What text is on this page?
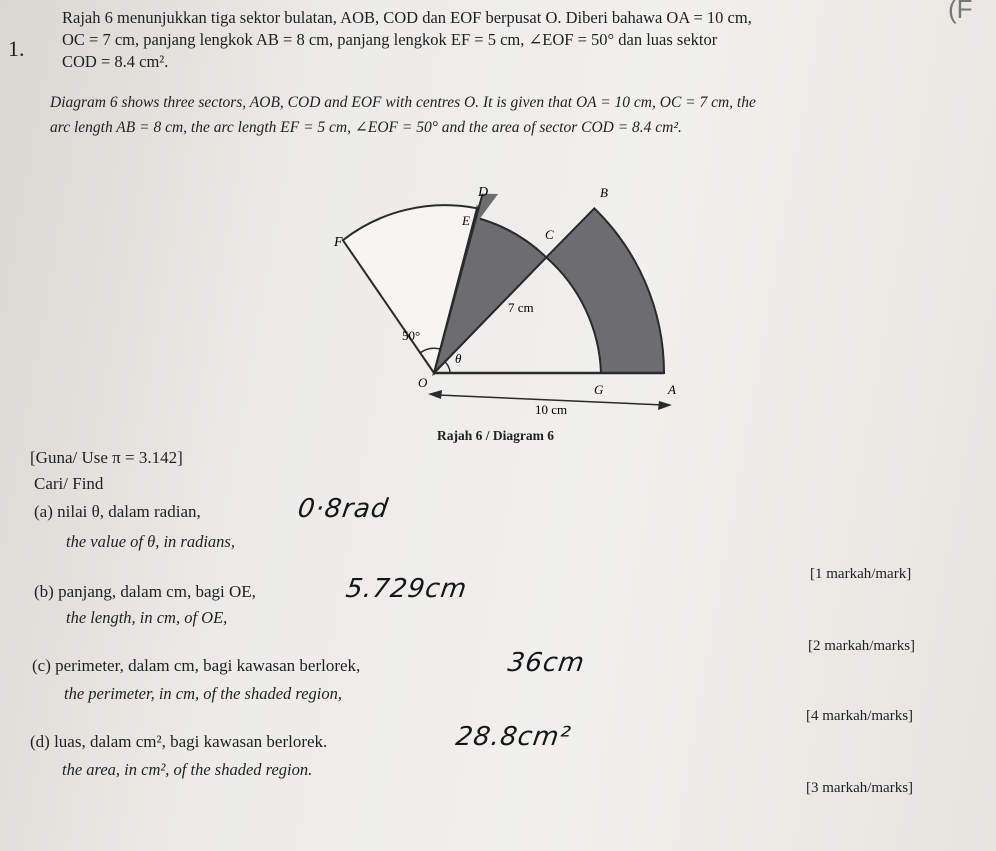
(F
1.
Rajah 6 menunjukkan tiga sektor bulatan, AOB, COD dan EOF berpusat O. Diberi bahawa OA = 10 cm,
OC = 7 cm, panjang lengkok AB = 8 cm, panjang lengkok EF = 5 cm, ∠EOF = 50° dan luas sektor
COD = 8.4 cm².
Diagram 6 shows three sectors, AOB, COD and EOF with centres O. It is given that OA = 10 cm, OC = 7 cm, the
arc length AB = 8 cm, the arc length EF = 5 cm, ∠EOF = 50° and the area of sector COD = 8.4 cm².
D	B
E
C
F
O	G	A
7 cm
50°
θ
10 cm
Rajah 6 / Diagram 6
[Guna/ Use π = 3.142]
Cari/ Find
(a) nilai θ, dalam radian,	0·8rad
the value of θ, in radians,
[1 markah/mark]
(b) panjang, dalam cm, bagi OE,	5.729cm
the length, in cm, of OE,
[2 markah/marks]
(c) perimeter, dalam cm, bagi kawasan berlorek,	36cm
the perimeter, in cm, of the shaded region,
[4 markah/marks]
(d) luas, dalam cm², bagi kawasan berlorek.	28.8cm²
the area, in cm², of the shaded region.
[3 markah/marks]
